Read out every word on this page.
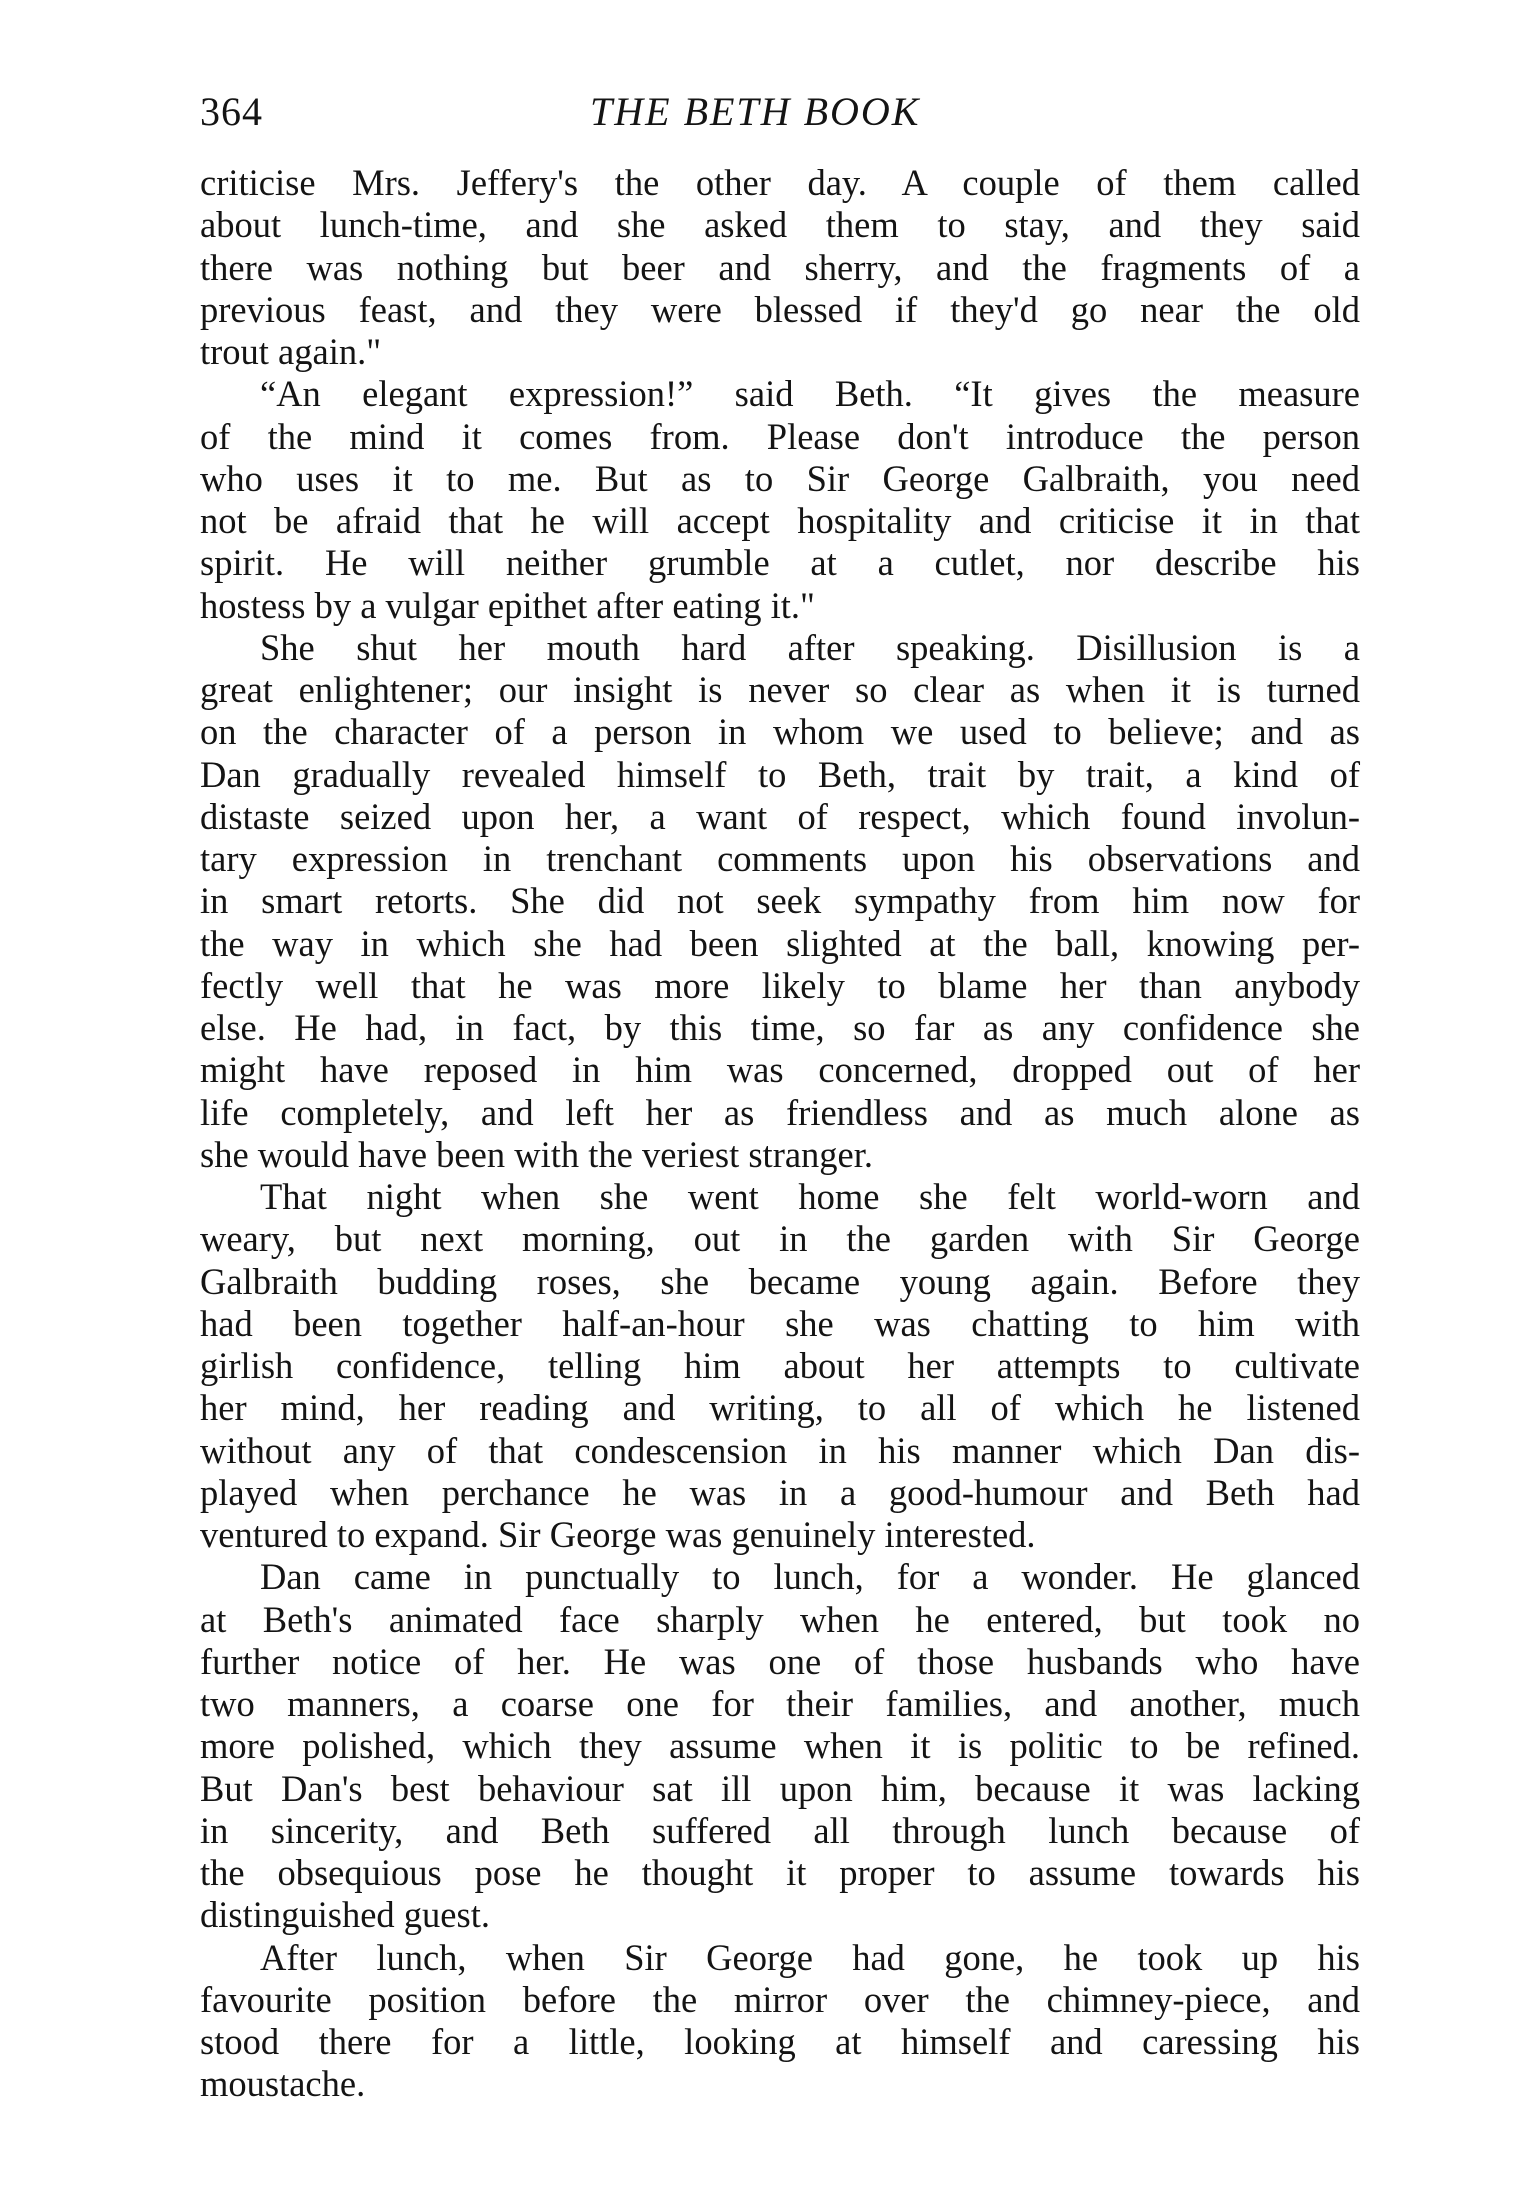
364	THE BETH BOOK
criticise Mrs. Jeffery's the other day. A couple of them called
about lunch-time, and she asked them to stay, and they said
there was nothing but beer and sherry, and the fragments of a
previous feast, and they were blessed if they'd go near the old
trout again."
“An elegant expression!” said Beth. “It gives the measure
of the mind it comes from. Please don't introduce the person
who uses it to me. But as to Sir George Galbraith, you need
not be afraid that he will accept hospitality and criticise it in that
spirit. He will neither grumble at a cutlet, nor describe his
hostess by a vulgar epithet after eating it."
She shut her mouth hard after speaking. Disillusion is a
great enlightener; our insight is never so clear as when it is turned
on the character of a person in whom we used to believe; and as
Dan gradually revealed himself to Beth, trait by trait, a kind of
distaste seized upon her, a want of respect, which found involun-
tary expression in trenchant comments upon his observations and
in smart retorts. She did not seek sympathy from him now for
the way in which she had been slighted at the ball, knowing per-
fectly well that he was more likely to blame her than anybody
else. He had, in fact, by this time, so far as any confidence she
might have reposed in him was concerned, dropped out of her
life completely, and left her as friendless and as much alone as
she would have been with the veriest stranger.
That night when she went home she felt world-worn and
weary, but next morning, out in the garden with Sir George
Galbraith budding roses, she became young again. Before they
had been together half-an-hour she was chatting to him with
girlish confidence, telling him about her attempts to cultivate
her mind, her reading and writing, to all of which he listened
without any of that condescension in his manner which Dan dis-
played when perchance he was in a good-humour and Beth had
ventured to expand. Sir George was genuinely interested.
Dan came in punctually to lunch, for a wonder. He glanced
at Beth's animated face sharply when he entered, but took no
further notice of her. He was one of those husbands who have
two manners, a coarse one for their families, and another, much
more polished, which they assume when it is politic to be refined.
But Dan's best behaviour sat ill upon him, because it was lacking
in sincerity, and Beth suffered all through lunch because of
the obsequious pose he thought it proper to assume towards his
distinguished guest.
After lunch, when Sir George had gone, he took up his
favourite position before the mirror over the chimney-piece, and
stood there for a little, looking at himself and caressing his
moustache.
